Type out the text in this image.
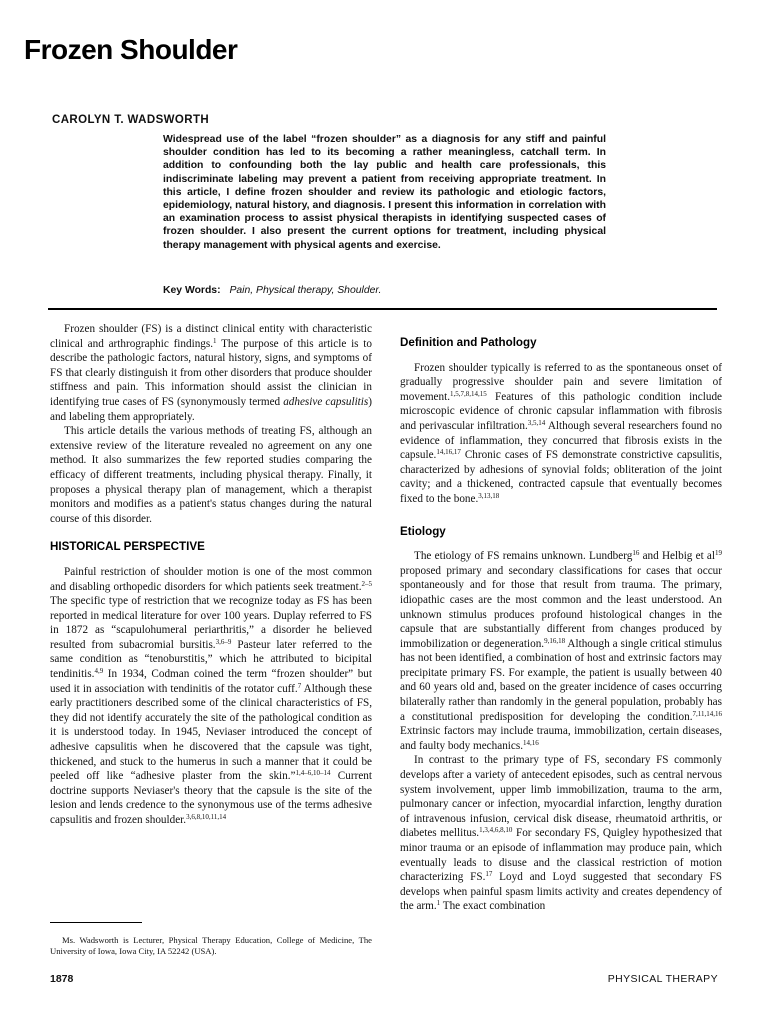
Frozen Shoulder
CAROLYN T. WADSWORTH
Widespread use of the label “frozen shoulder” as a diagnosis for any stiff and painful shoulder condition has led to its becoming a rather meaningless, catchall term. In addition to confounding both the lay public and health care professionals, this indiscriminate labeling may prevent a patient from receiving appropriate treatment. In this article, I define frozen shoulder and review its pathologic and etiologic factors, epidemiology, natural history, and diagnosis. I present this information in correlation with an examination process to assist physical therapists in identifying suspected cases of frozen shoulder. I also present the current options for treatment, including physical therapy management with physical agents and exercise.
Key Words: Pain, Physical therapy, Shoulder.

Frozen shoulder (FS) is a distinct clinical entity with characteristic clinical and arthrographic findings.$^1$ The purpose of this article is to describe the pathologic factors, natural history, signs, and symptoms of FS that clearly distinguish it from other disorders that produce shoulder stiffness and pain. This information should assist the clinician in identifying true cases of FS (synonymously termed adhesive capsulitis) and labeling them appropriately.

This article details the various methods of treating FS, although an extensive review of the literature revealed no agreement on any one method. It also summarizes the few reported studies comparing the efficacy of different treatments, including physical therapy. Finally, it proposes a physical therapy plan of management, which a therapist monitors and modifies as a patient's status changes during the natural course of this disorder.

HISTORICAL PERSPECTIVE

Painful restriction of shoulder motion is one of the most common and disabling orthopedic disorders for which patients seek treatment.$^{2-5}$ The specific type of restriction that we recognize today as FS has been reported in medical literature for over 100 years. Duplay referred to FS in 1872 as “scapulohumeral periarthritis,” a disorder he believed resulted from subacromial bursitis.$^{3,6-9}$ Pasteur later referred to the same condition as “tenoburstitis,” which he attributed to bicipital tendinitis.$^{4,9}$ In 1934, Codman coined the term “frozen shoulder” but used it in association with tendinitis of the rotator cuff.$^7$ Although these early practitioners described some of the clinical characteristics of FS, they did not identify accurately the site of the pathological condition as it is understood today. In 1945, Neviaser introduced the concept of adhesive capsulitis when he discovered that the capsule was tight, thickened, and stuck to the humerus in such a manner that it could be peeled off like “adhesive plaster from the skin.”$^{1,4-6,10-14}$ Current doctrine supports Neviaser's theory that the capsule is the site of the lesion and lends credence to the synonymous use of the terms adhesive capsulitis and frozen shoulder.$^{3,6,8,10,11,14}$

Ms. Wadsworth is Lecturer, Physical Therapy Education, College of Medicine, The University of Iowa, Iowa City, IA 52242 (USA).
Definition and Pathology

Frozen shoulder typically is referred to as the spontaneous onset of gradually progressive shoulder pain and severe limitation of movement.$^{1,5,7,8,14,15}$ Features of this pathologic condition include microscopic evidence of chronic capsular inflammation with fibrosis and perivascular infiltration.$^{3,5,14}$ Although several researchers found no evidence of inflammation, they concurred that fibrosis exists in the capsule.$^{14,16,17}$ Chronic cases of FS demonstrate constrictive capsulitis, characterized by adhesions of synovial folds; obliteration of the joint cavity; and a thickened, contracted capsule that eventually becomes fixed to the bone.$^{3,13,18}$

Etiology

The etiology of FS remains unknown. Lundberg$^{16}$ and Helbig et $al^{19}$ proposed primary and secondary classifications for cases that occur spontaneously and for those that result from trauma. The primary, idiopathic cases are the most common and the least understood. An unknown stimulus produces profound histological changes in the capsule that are substantially different from changes produced by immobilization or degeneration.$^{9,16,18}$ Although a single critical stimulus has not been identified, a combination of host and extrinsic factors may precipitate primary FS. For example, the patient is usually between 40 and 60 years old and, based on the greater incidence of cases occurring bilaterally rather than randomly in the general population, probably has a constitutional predisposition for developing the condition.$^{7,11,14,16}$ Extrinsic factors may include trauma, immobilization, certain diseases, and faulty body mechanics.$^{14,16}$

In contrast to the primary type of FS, secondary FS commonly develops after a variety of antecedent episodes, such as central nervous system involvement, upper limb immobilization, trauma to the arm, pulmonary cancer or infection, myocardial infarction, lengthy duration of intravenous infusion, cervical disk disease, rheumatoid arthritis, or diabetes mellitus.$^{1,3,4,6,8,10}$ For secondary FS, Quigley hypothesized that minor trauma or an episode of inflammation may produce pain, which eventually leads to disuse and the classical restriction of motion characterizing FS.$^{17}$ Loyd and Loyd suggested that secondary FS develops when painful spasm limits activity and creates dependency of the arm.$^1$ The exact combination

1878	PHYSICAL THERAPY
